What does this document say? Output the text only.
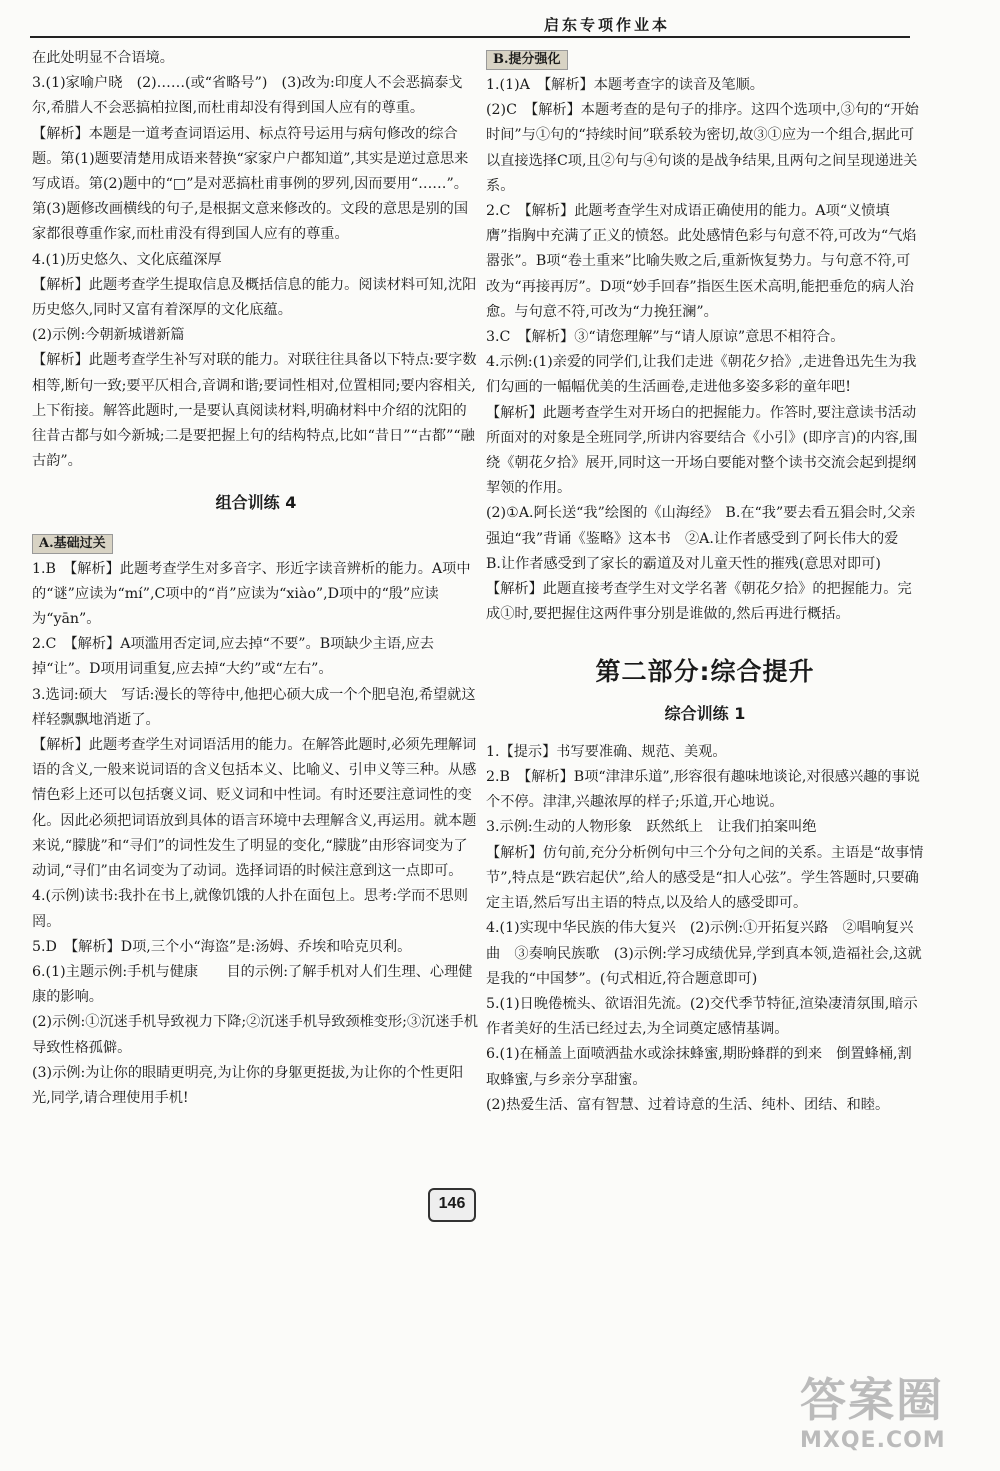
启东专项作业本
在此处明显不合语境。
3.(1)家喻户晓　(2)……(或“省略号”)　(3)改为:印度人不会恶搞泰戈尔,希腊人不会恶搞柏拉图,而杜甫却没有得到国人应有的尊重。
【解析】本题是一道考查词语运用、标点符号运用与病句修改的综合题。第(1)题要清楚用成语来替换“家家户户都知道”,其实是逆过意思来写成语。第(2)题中的“□”是对恶搞杜甫事例的罗列,因而要用“……”。第(3)题修改画横线的句子,是根据文意来修改的。文段的意思是别的国家都很尊重作家,而杜甫没有得到国人应有的尊重。
4.(1)历史悠久、文化底蕴深厚
【解析】此题考查学生提取信息及概括信息的能力。阅读材料可知,沈阳历史悠久,同时又富有着深厚的文化底蕴。
(2)示例:今朝新城谱新篇
【解析】此题考查学生补写对联的能力。对联往往具备以下特点:要字数相等,断句一致;要平仄相合,音调和谐;要词性相对,位置相同;要内容相关,上下衔接。解答此题时,一是要认真阅读材料,明确材料中介绍的沈阳的往昔古都与如今新城;二是要把握上句的结构特点,比如“昔日”“古都”“融古韵”。
组合训练 4
A.基础过关
1.B　【解析】此题考查学生对多音字、形近字读音辨析的能力。A项中的“谜”应读为“mí”,C项中的“肖”应读为“xiào”,D项中的“殷”应读为“yān”。
2.C　【解析】A项滥用否定词,应去掉“不要”。B项缺少主语,应去掉“让”。D项用词重复,应去掉“大约”或“左右”。
3.选词:硕大　写话:漫长的等待中,他把心硕大成一个个肥皂泡,希望就这样轻飘飘地消逝了。
【解析】此题考查学生对词语活用的能力。在解答此题时,必须先理解词语的含义,一般来说词语的含义包括本义、比喻义、引申义等三种。从感情色彩上还可以包括褒义词、贬义词和中性词。有时还要注意词性的变化。因此必须把词语放到具体的语言环境中去理解含义,再运用。就本题来说,“朦胧”和“寻们”的词性发生了明显的变化,“朦胧”由形容词变为了动词,“寻们”由名词变为了动词。选择词语的时候注意到这一点即可。
4.(示例)读书:我扑在书上,就像饥饿的人扑在面包上。思考:学而不思则罔。
5.D　【解析】D项,三个小“海盗”是:汤姆、乔埃和哈克贝利。
6.(1)主题示例:手机与健康　　目的示例:了解手机对人们生理、心理健康的影响。
(2)示例:①沉迷手机导致视力下降;②沉迷手机导致颈椎变形;③沉迷手机导致性格孤僻。
(3)示例:为让你的眼睛更明亮,为让你的身躯更挺拔,为让你的个性更阳光,同学,请合理使用手机!
B.提分强化
1.(1)A　【解析】本题考查字的读音及笔顺。
(2)C　【解析】本题考查的是句子的排序。这四个选项中,③句的“开始时间”与①句的“持续时间”联系较为密切,故③①应为一个组合,据此可以直接选择C项,且②句与④句谈的是战争结果,且两句之间呈现递进关系。
2.C　【解析】此题考查学生对成语正确使用的能力。A项“义愤填膺”指胸中充满了正义的愤怒。此处感情色彩与句意不符,可改为“气焰嚣张”。B项“卷土重来”比喻失败之后,重新恢复势力。与句意不符,可改为“再接再厉”。D项“妙手回春”指医生医术高明,能把垂危的病人治愈。与句意不符,可改为“力挽狂澜”。
3.C　【解析】③“请您理解”与“请人原谅”意思不相符合。
4.示例:(1)亲爱的同学们,让我们走进《朝花夕拾》,走进鲁迅先生为我们勾画的一幅幅优美的生活画卷,走进他多姿多彩的童年吧!
【解析】此题考查学生对开场白的把握能力。作答时,要注意读书活动所面对的对象是全班同学,所讲内容要结合《小引》(即序言)的内容,围绕《朝花夕拾》展开,同时这一开场白要能对整个读书交流会起到提纲挈领的作用。
(2)①A.阿长送“我”绘图的《山海经》　B.在“我”要去看五猖会时,父亲强迫“我”背诵《鉴略》这本书　②A.让作者感受到了阿长伟大的爱　B.让作者感受到了家长的霸道及对儿童天性的摧残(意思对即可)
【解析】此题直接考查学生对文学名著《朝花夕拾》的把握能力。完成①时,要把握住这两件事分别是谁做的,然后再进行概括。
第二部分:综合提升
综合训练 1
1.【提示】书写要准确、规范、美观。
2.B　【解析】B项“津津乐道”,形容很有趣味地谈论,对很感兴趣的事说个不停。津津,兴趣浓厚的样子;乐道,开心地说。
3.示例:生动的人物形象　跃然纸上　让我们拍案叫绝
【解析】仿句前,充分分析例句中三个分句之间的关系。主语是“故事情节”,特点是“跌宕起伏”,给人的感受是“扣人心弦”。学生答题时,只要确定主语,然后写出主语的特点,以及给人的感受即可。
4.(1)实现中华民族的伟大复兴　(2)示例:①开拓复兴路　②唱响复兴曲　③奏响民族歌　(3)示例:学习成绩优异,学到真本领,造福社会,这就是我的“中国梦”。(句式相近,符合题意即可)
5.(1)日晚倦梳头、欲语泪先流。(2)交代季节特征,渲染凄清氛围,暗示作者美好的生活已经过去,为全词奠定感情基调。
6.(1)在桶盖上面喷洒盐水或涂抹蜂蜜,期盼蜂群的到来　倒置蜂桶,割取蜂蜜,与乡亲分享甜蜜。
(2)热爱生活、富有智慧、过着诗意的生活、纯朴、团结、和睦。
146
答案圈
MXQE.COM
